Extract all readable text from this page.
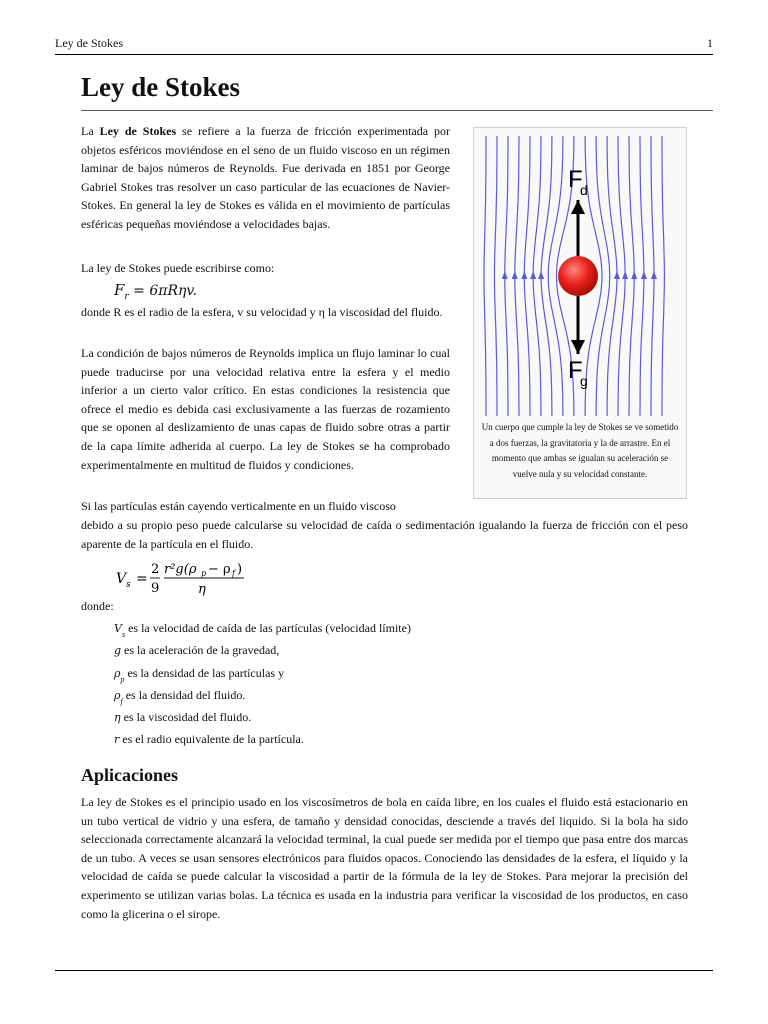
Ley de Stokes	1
Ley de Stokes

La Ley de Stokes se refiere a la fuerza de fricción experimentada por objetos esféricos moviéndose en el seno de un fluido viscoso en un régimen laminar de bajos números de Reynolds. Fue derivada en 1851 por George Gabriel Stokes tras resolver un caso particular de las ecuaciones de Navier-Stokes. En general la ley de Stokes es válida en el movimiento de partículas esféricas pequeñas moviéndose a velocidades bajas.

La ley de Stokes puede escribirse como:

$F_r = 6\pi R\eta v$.

donde R es el radio de la esfera, v su velocidad y η la viscosidad del fluido.

La condición de bajos números de Reynolds implica un flujo laminar lo cual puede traducirse por una velocidad relativa entre la esfera y el medio inferior a un cierto valor crítico. En estas condiciones la resistencia que ofrece el medio es debida casi exclusivamente a las fuerzas de rozamiento que se oponen al deslizamiento de unas capas de fluido sobre otras a partir de la capa límite adherida al cuerpo. La ley de Stokes se ha comprobado experimentalmente en multitud de fluidos y condiciones.

Si las partículas están cayendo verticalmente en un fluido viscoso

debido a su propio peso puede calcularse su velocidad de caída o sedimentación igualando la fuerza de fricción con el peso aparente de la partícula en el fluido.

V s =
2
9
r²g(ρ p − ρ f )
η

donde:

$V_s$ es la velocidad de caída de las partículas (velocidad límite)
g es la aceleración de la gravedad,
$\rho_p$ es la densidad de las partículas y
$\rho_f$ es la densidad del fluido.
η es la viscosidad del fluido.
r es el radio equivalente de la partícula.
Aplicaciones

La ley de Stokes es el principio usado en los viscosímetros de bola en caída libre, en los cuales el fluido está estacionario en un tubo vertical de vidrio y una esfera, de tamaño y densidad conocidas, desciende a través del liquido. Si la bola ha sido seleccionada correctamente alcanzará la velocidad terminal, la cual puede ser medida por el tiempo que pasa entre dos marcas de un tubo. A veces se usan sensores electrónicos para fluidos opacos. Conociendo las densidades de la esfera, el líquido y la velocidad de caída se puede calcular la viscosidad a partir de la fórmula de la ley de Stokes. Para mejorar la precisión del experimento se utilizan varias bolas. La técnica es usada en la industria para verificar la viscosidad de los productos, en caso como la glicerina o el sirope.

F
d
F
g
Un cuerpo que cumple la ley de Stokes se ve sometido a dos fuerzas, la gravitatoria y la de arrastre. En el momento que ambas se igualan su aceleración se vuelve nula y su velocidad constante.
